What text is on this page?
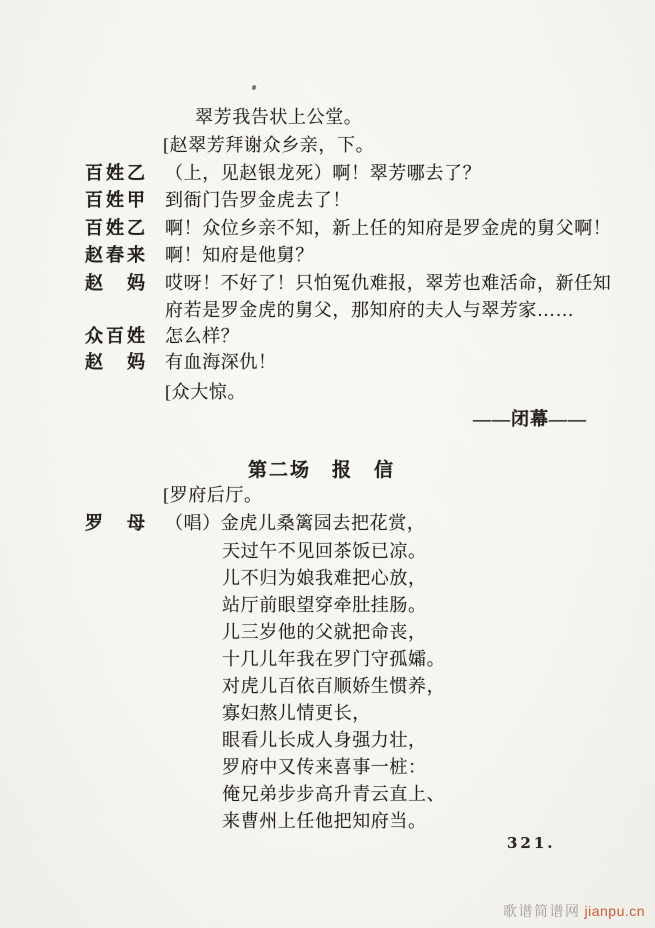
翠芳我告状上公堂。
[赵翠芳拜谢众乡亲，下。
百姓乙 （上，见赵银龙死）啊！翠芳哪去了？
百姓甲 到衙门告罗金虎去了！
百姓乙 啊！众位乡亲不知，新上任的知府是罗金虎的舅父啊！
赵春来 啊！知府是他舅？
赵　妈 哎呀！不好了！只怕冤仇难报，翠芳也难活命，新任知
府若是罗金虎的舅父，那知府的夫人与翠芳家……
众百姓 怎么样？
赵　妈 有血海深仇！
[众大惊。
——闭幕——
第二场　报　信
[罗府后厅。
罗　母 （唱）金虎儿桑篱园去把花赏，
天过午不见回茶饭已凉。
儿不归为娘我难把心放，
站厅前眼望穿牵肚挂肠。
儿三岁他的父就把命丧，
十几儿年我在罗门守孤孀。
对虎儿百依百顺娇生惯养，
寡妇熬儿情更长，
眼看儿长成人身强力壮，
罗府中又传来喜事一桩：
俺兄弟步步高升青云直上、
来曹州上任他把知府当。
321.
歌谱简谱网 jianpu.cn
